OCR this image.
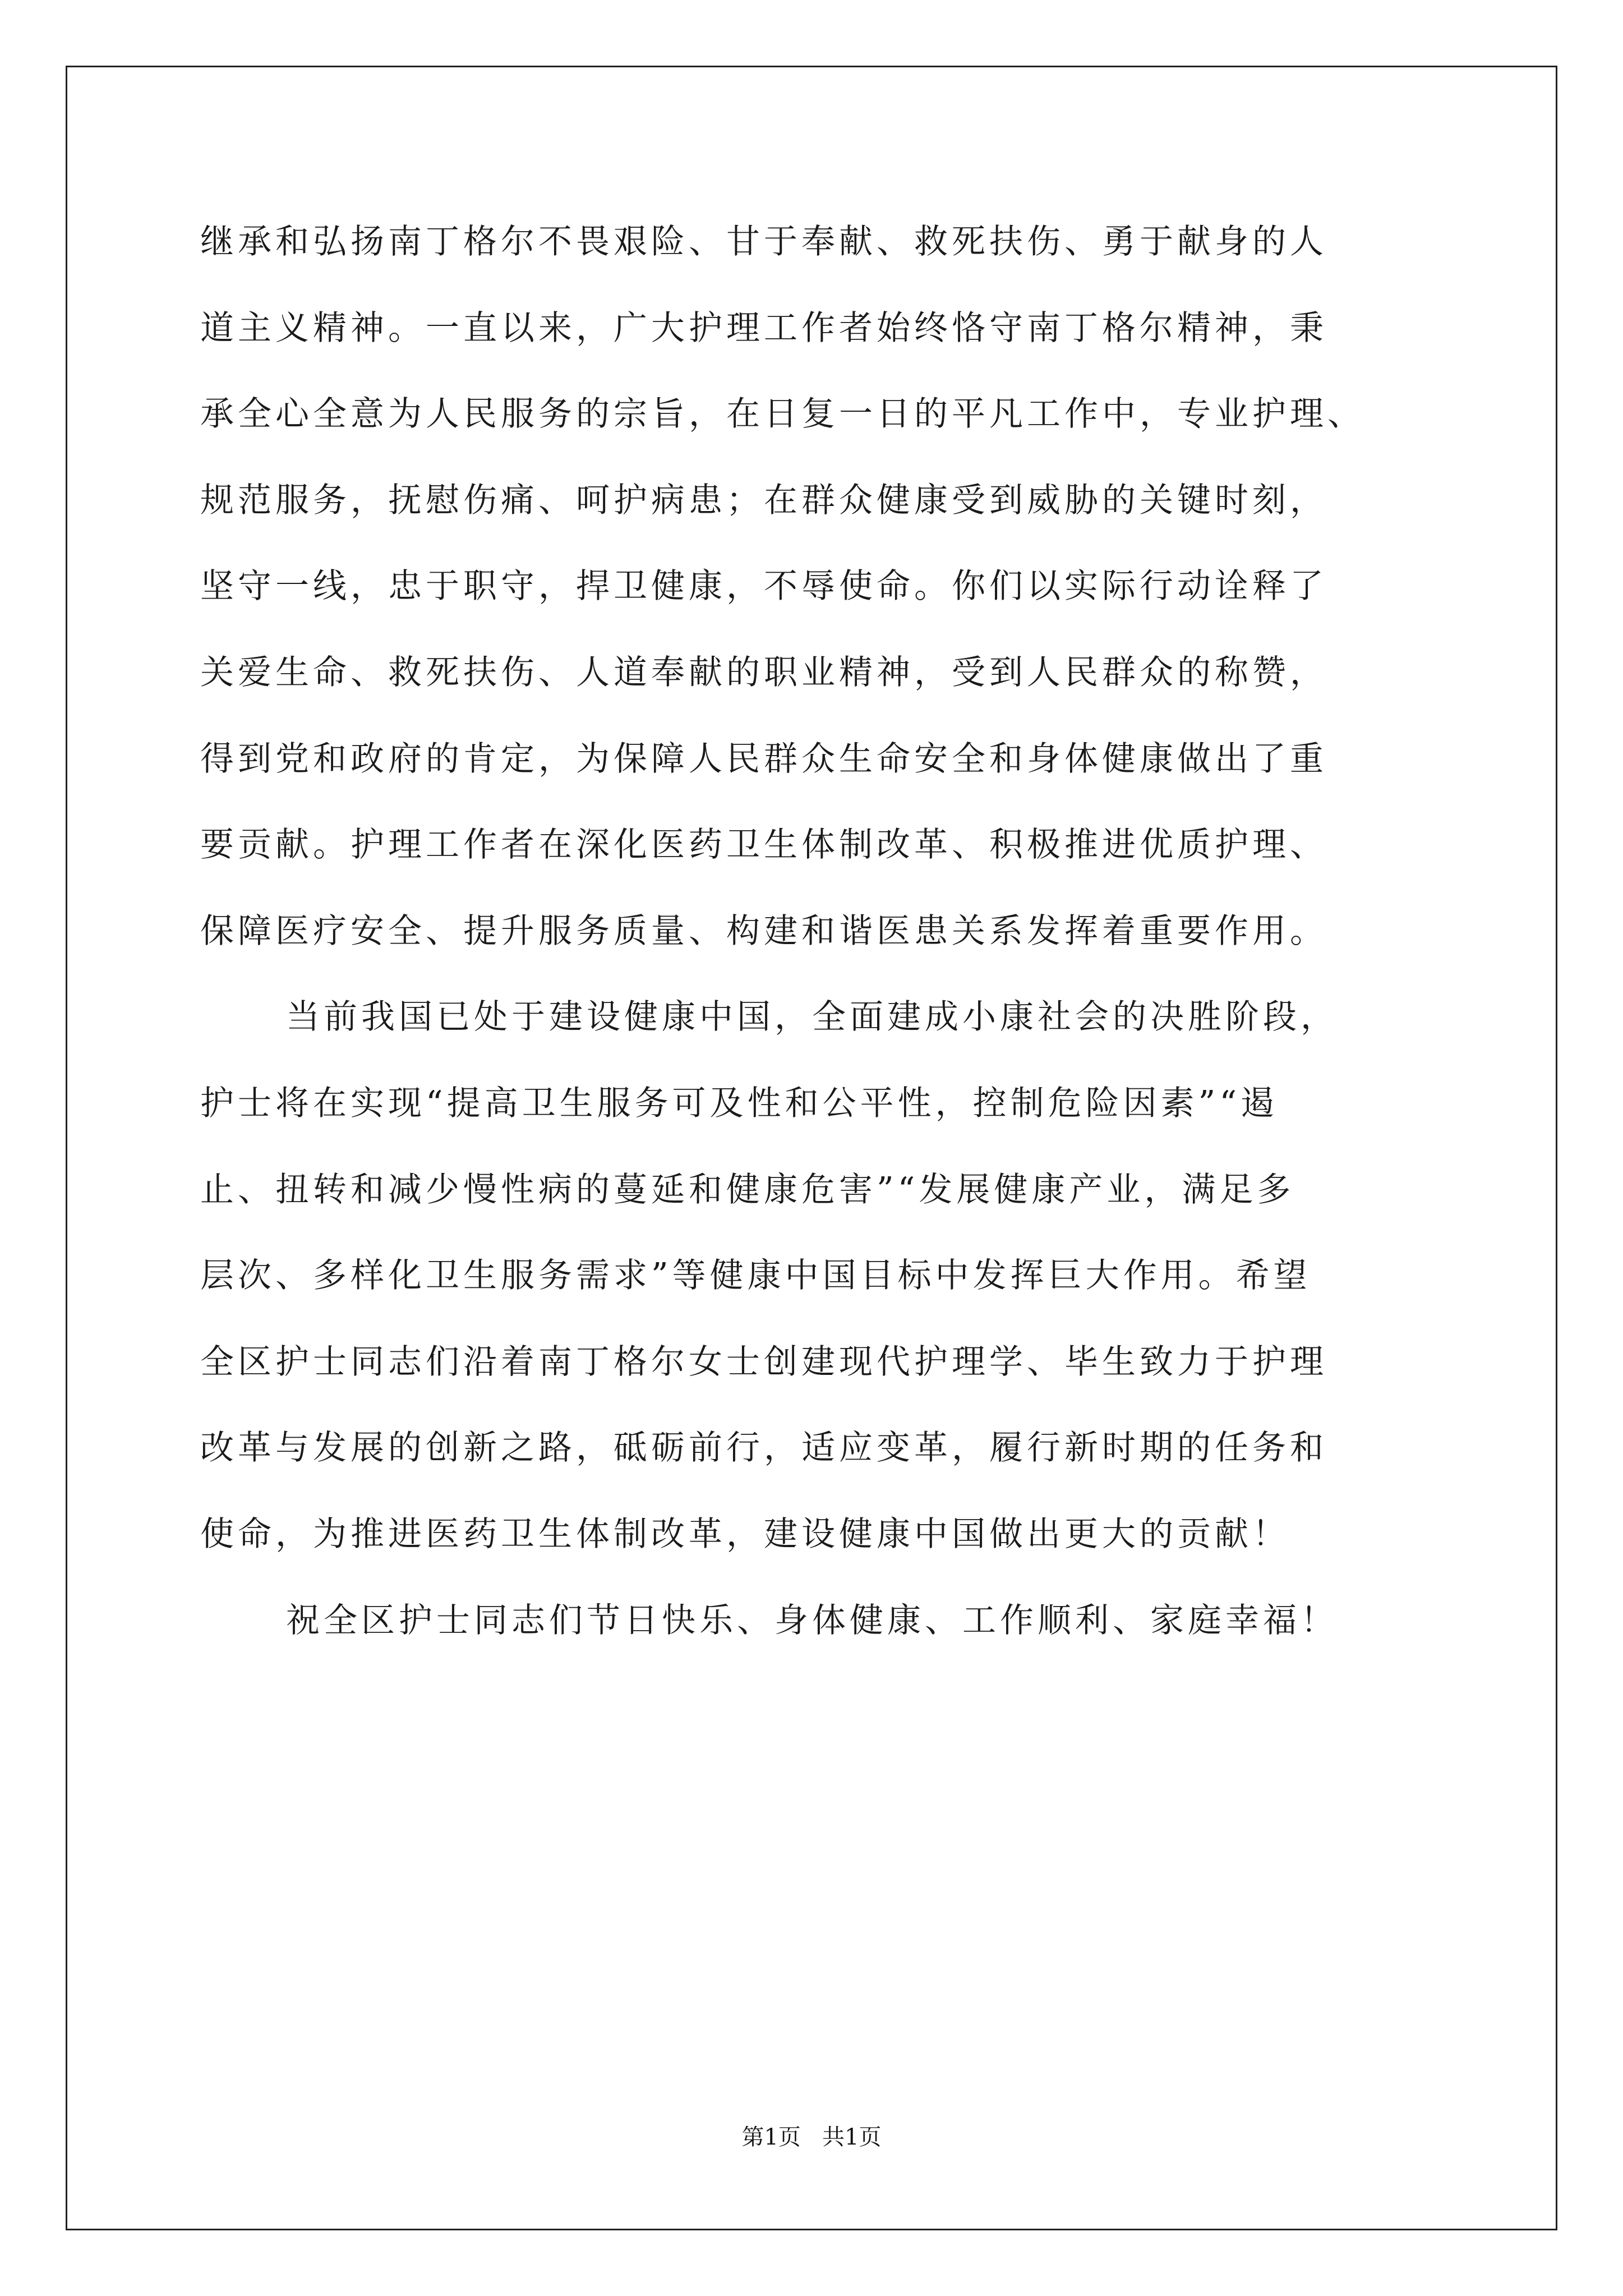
继承和弘扬南丁格尔不畏艰险、甘于奉献、救死扶伤、勇于献身的人
道主义精神。一直以来，广大护理工作者始终恪守南丁格尔精神，秉
承全心全意为人民服务的宗旨，在日复一日的平凡工作中，专业护理、
规范服务，抚慰伤痛、呵护病患；在群众健康受到威胁的关键时刻，
坚守一线，忠于职守，捍卫健康，不辱使命。你们以实际行动诠释了
关爱生命、救死扶伤、人道奉献的职业精神，受到人民群众的称赞，
得到党和政府的肯定，为保障人民群众生命安全和身体健康做出了重
要贡献。护理工作者在深化医药卫生体制改革、积极推进优质护理、
保障医疗安全、提升服务质量、构建和谐医患关系发挥着重要作用。
当前我国已处于建设健康中国，全面建成小康社会的决胜阶段，
护士将在实现“提高卫生服务可及性和公平性，控制危险因素”“遏
止、扭转和减少慢性病的蔓延和健康危害”“发展健康产业，满足多
层次、多样化卫生服务需求”等健康中国目标中发挥巨大作用。希望
全区护士同志们沿着南丁格尔女士创建现代护理学、毕生致力于护理
改革与发展的创新之路，砥砺前行，适应变革，履行新时期的任务和
使命，为推进医药卫生体制改革，建设健康中国做出更大的贡献！
祝全区护士同志们节日快乐、身体健康、工作顺利、家庭幸福！
第1页   共1页
